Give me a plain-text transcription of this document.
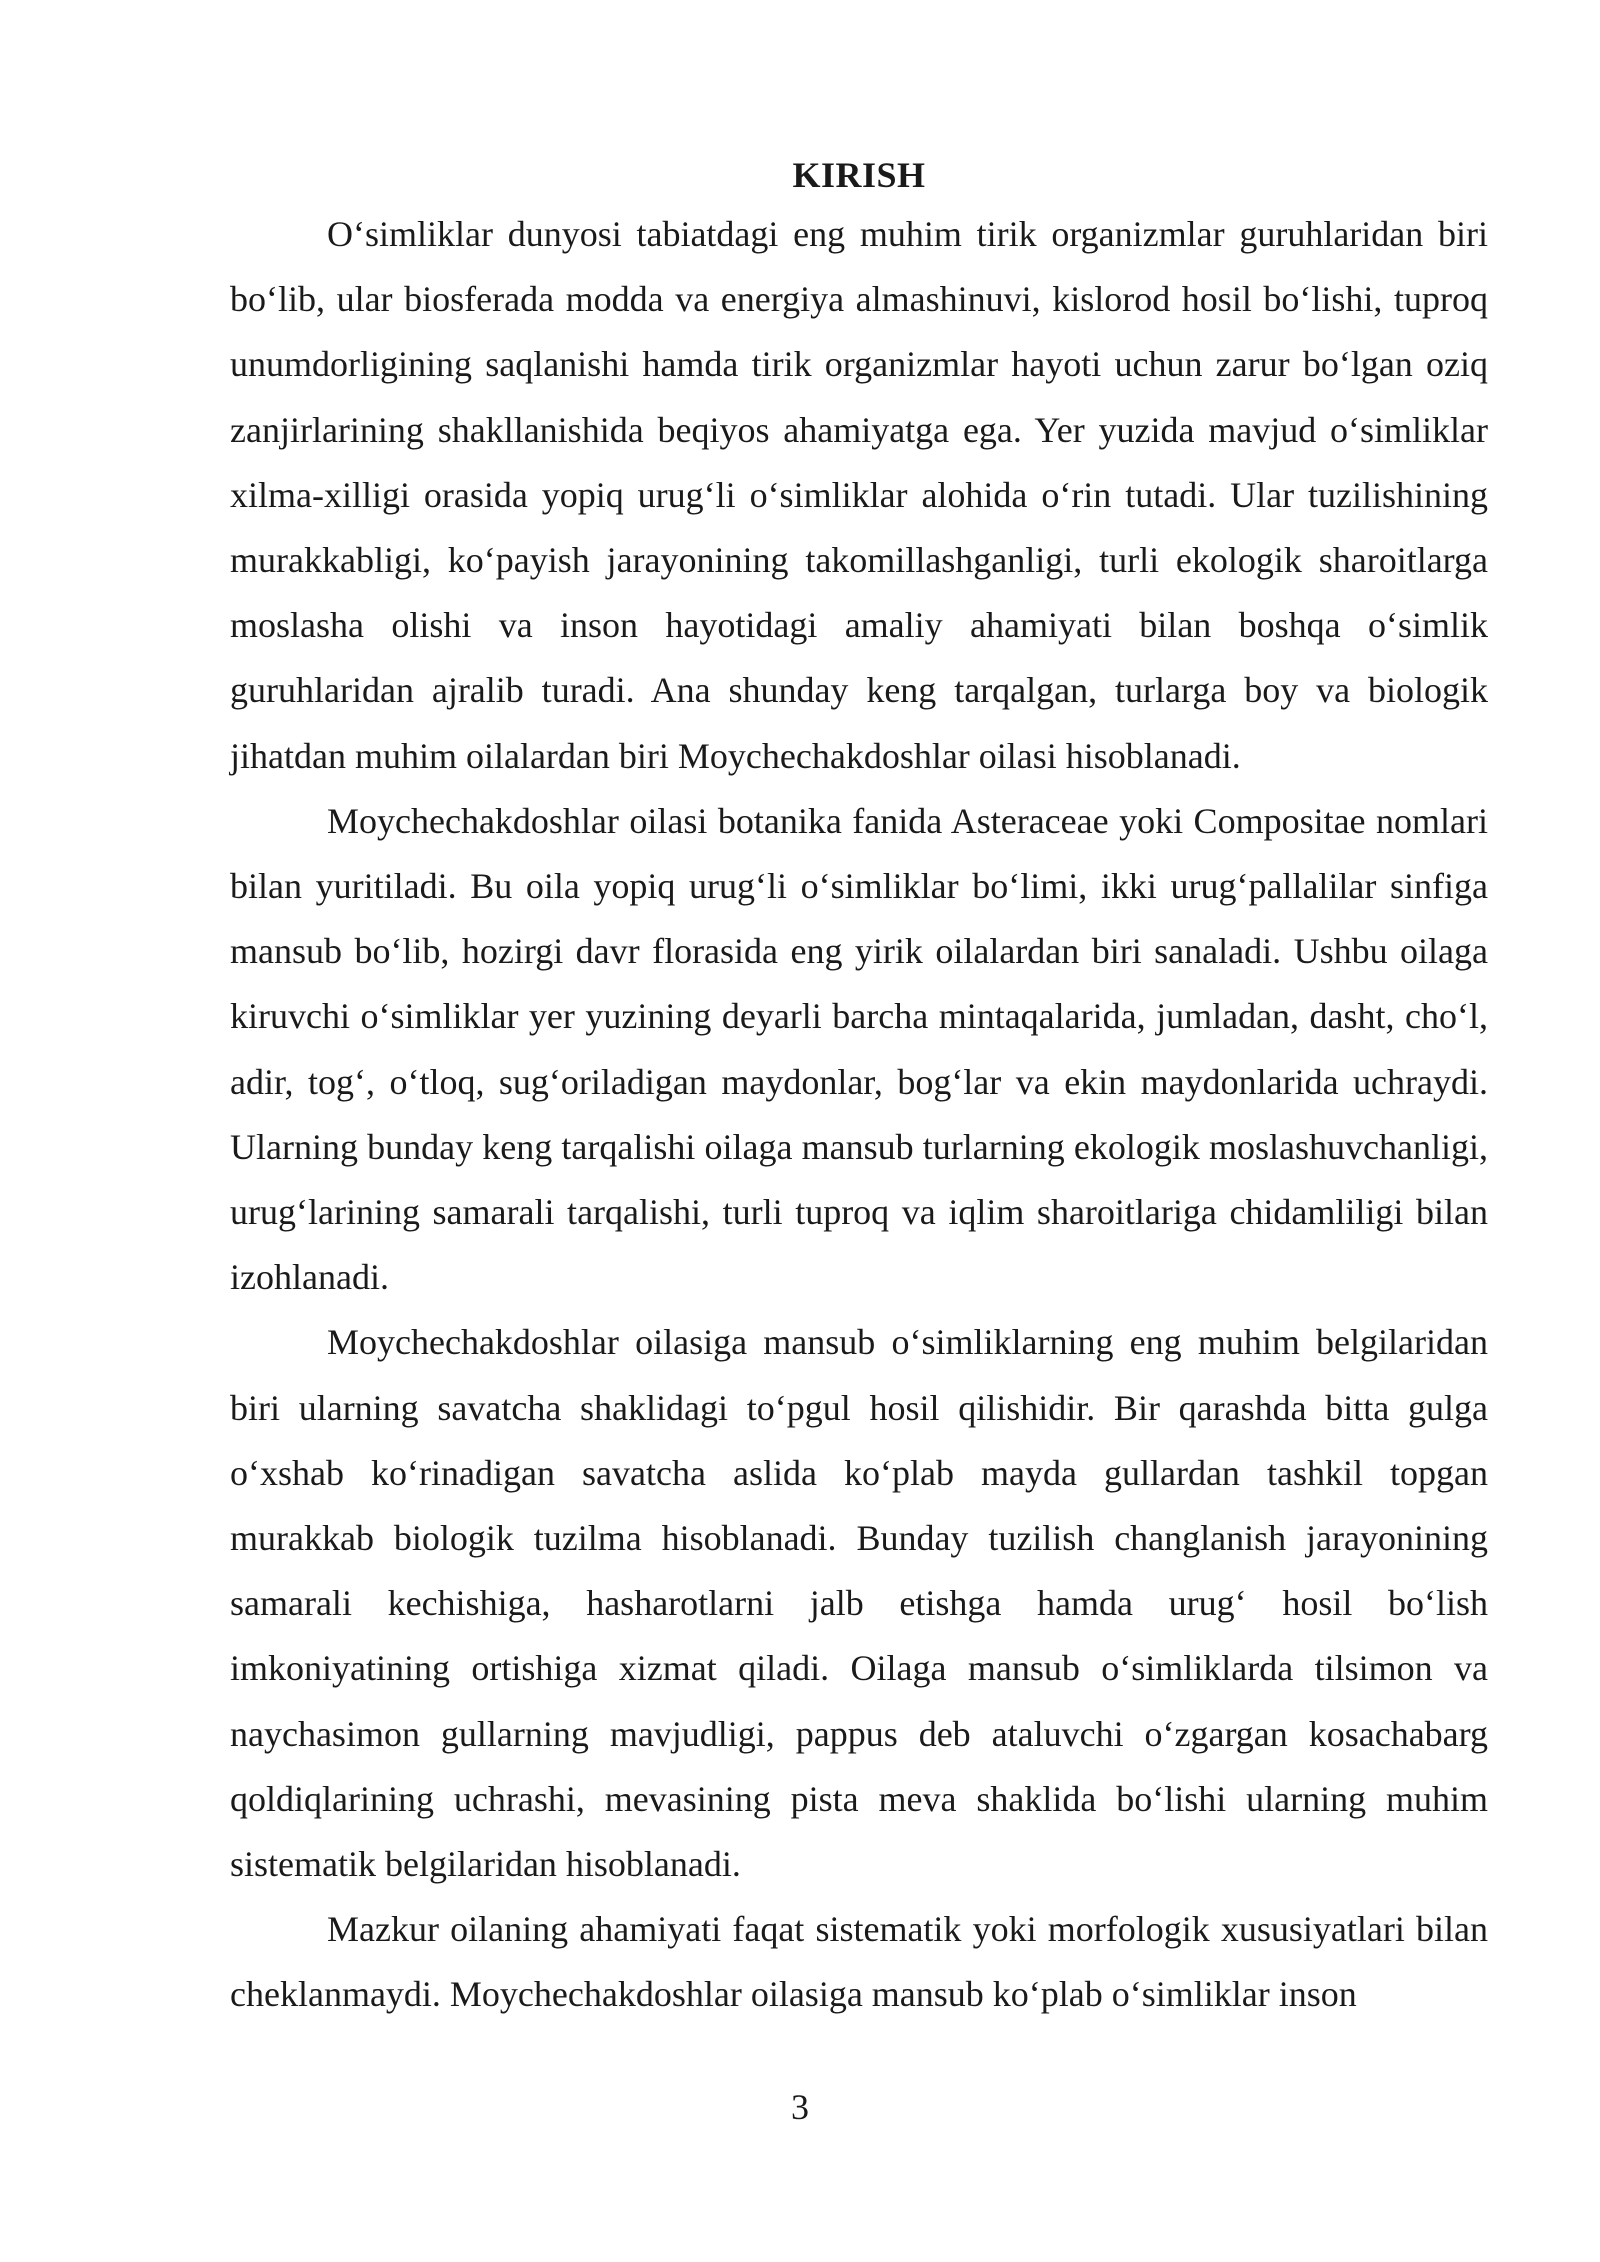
KIRISH

O‘simliklar dunyosi tabiatdagi eng muhim tirik organizmlar guruhlaridan biri bo‘lib, ular biosferada modda va energiya almashinuvi, kislorod hosil bo‘lishi, tuproq unumdorligining saqlanishi hamda tirik organizmlar hayoti uchun zarur bo‘lgan oziq zanjirlarining shakllanishida beqiyos ahamiyatga ega. Yer yuzida mavjud o‘simliklar xilma-xilligi orasida yopiq urug‘li o‘simliklar alohida o‘rin tutadi. Ular tuzilishining murakkabligi, ko‘payish jarayonining takomillashganligi, turli ekologik sharoitlarga moslasha olishi va inson hayotidagi amaliy ahamiyati bilan boshqa o‘simlik guruhlaridan ajralib turadi. Ana shunday keng tarqalgan, turlarga boy va biologik jihatdan muhim oilalardan biri Moychechakdoshlar oilasi hisoblanadi.

Moychechakdoshlar oilasi botanika fanida Asteraceae yoki Compositae nomlari bilan yuritiladi. Bu oila yopiq urug‘li o‘simliklar bo‘limi, ikki urug‘pallalilar sinfiga mansub bo‘lib, hozirgi davr florasida eng yirik oilalardan biri sanaladi. Ushbu oilaga kiruvchi o‘simliklar yer yuzining deyarli barcha mintaqalarida, jumladan, dasht, cho‘l, adir, tog‘, o‘tloq, sug‘oriladigan maydonlar, bog‘lar va ekin maydonlarida uchraydi. Ularning bunday keng tarqalishi oilaga mansub turlarning ekologik moslashuvchanligi, urug‘larining samarali tarqalishi, turli tuproq va iqlim sharoitlariga chidamliligi bilan izohlanadi.

Moychechakdoshlar oilasiga mansub o‘simliklarning eng muhim belgilaridan biri ularning savatcha shaklidagi to‘pgul hosil qilishidir. Bir qarashda bitta gulga o‘xshab ko‘rinadigan savatcha aslida ko‘plab mayda gullardan tashkil topgan murakkab biologik tuzilma hisoblanadi. Bunday tuzilish changlanish jarayonining samarali kechishiga, hasharotlarni jalb etishga hamda urug‘ hosil bo‘lish imkoniyatining ortishiga xizmat qiladi. Oilaga mansub o‘simliklarda tilsimon va naychasimon gullarning mavjudligi, pappus deb ataluvchi o‘zgargan kosachabarg qoldiqlarining uchrashi, mevasining pista meva shaklida bo‘lishi ularning muhim sistematik belgilaridan hisoblanadi.

Mazkur oilaning ahamiyati faqat sistematik yoki morfologik xususiyatlari bilan cheklanmaydi. Moychechakdoshlar oilasiga mansub ko‘plab o‘simliklar inson

3
